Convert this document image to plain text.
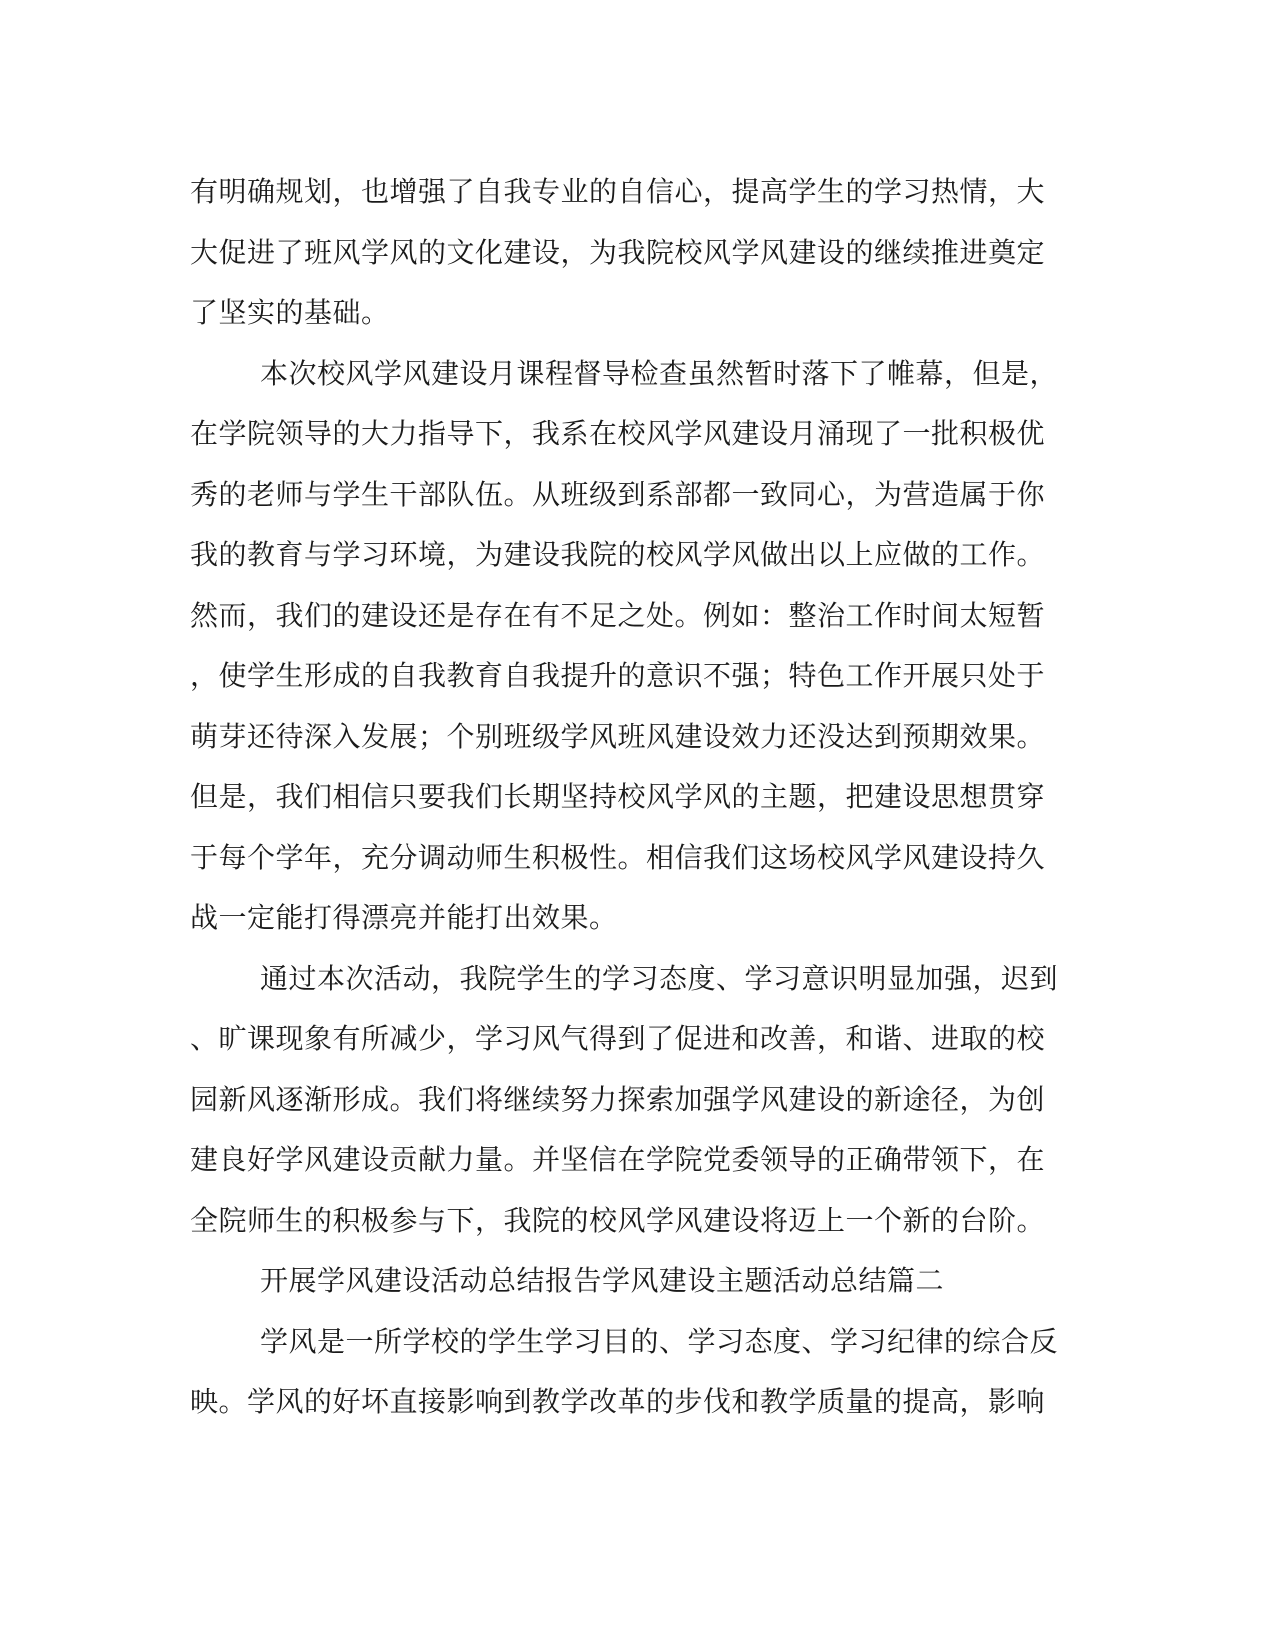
有明确规划，也增强了自我专业的自信心，提高学生的学习热情，大
大促进了班风学风的文化建设，为我院校风学风建设的继续推进奠定
了坚实的基础。
本次校风学风建设月课程督导检查虽然暂时落下了帷幕，但是，
在学院领导的大力指导下，我系在校风学风建设月涌现了一批积极优
秀的老师与学生干部队伍。从班级到系部都一致同心，为营造属于你
我的教育与学习环境，为建设我院的校风学风做出以上应做的工作。
然而，我们的建设还是存在有不足之处。例如：整治工作时间太短暂
，使学生形成的自我教育自我提升的意识不强；特色工作开展只处于
萌芽还待深入发展；个别班级学风班风建设效力还没达到预期效果。
但是，我们相信只要我们长期坚持校风学风的主题，把建设思想贯穿
于每个学年，充分调动师生积极性。相信我们这场校风学风建设持久
战一定能打得漂亮并能打出效果。
通过本次活动，我院学生的学习态度、学习意识明显加强，迟到
、旷课现象有所减少，学习风气得到了促进和改善，和谐、进取的校
园新风逐渐形成。我们将继续努力探索加强学风建设的新途径，为创
建良好学风建设贡献力量。并坚信在学院党委领导的正确带领下，在
全院师生的积极参与下，我院的校风学风建设将迈上一个新的台阶。
开展学风建设活动总结报告学风建设主题活动总结篇二
学风是一所学校的学生学习目的、学习态度、学习纪律的综合反
映。学风的好坏直接影响到教学改革的步伐和教学质量的提高，影响
